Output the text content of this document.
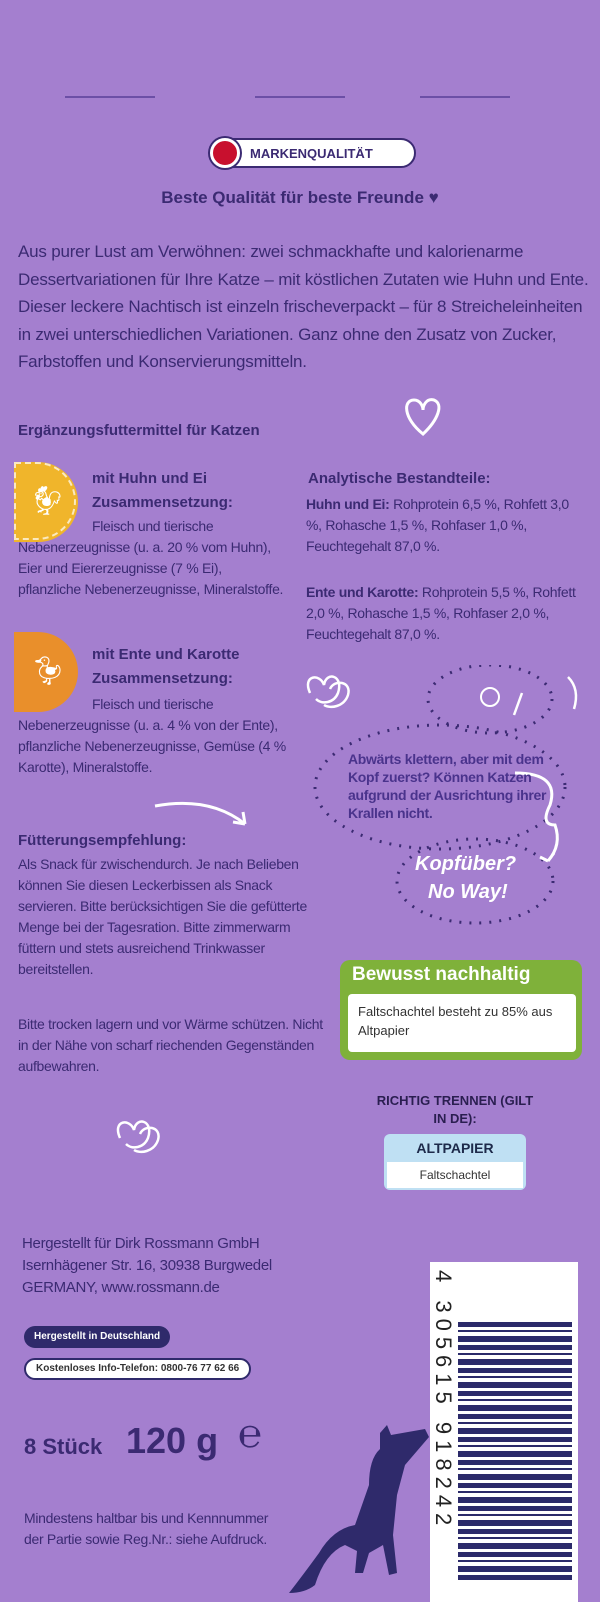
MARKENQUALITÄT
Beste Qualität für beste Freunde ♥
Aus purer Lust am Verwöhnen: zwei schmackhafte und kalorienarme Dessertvariationen für Ihre Katze – mit köstlichen Zutaten wie Huhn und Ente. Dieser leckere Nachtisch ist einzeln frischeverpackt – für 8 Streicheleinheiten in zwei unterschiedlichen Variationen. Ganz ohne den Zusatz von Zucker, Farbstoffen und Konservierungsmitteln.
Ergänzungsfuttermittel für Katzen
🐓︎
mit Huhn und Ei
Zusammensetzung:
Fleisch und tierische Nebenerzeugnisse (u. a. 20 % vom Huhn), Eier und Eiererzeugnisse (7 % Ei), pflanzliche Nebenerzeugnisse, Mineralstoffe.
🦆︎
mit Ente und Karotte
Zusammensetzung:
Fleisch und tierische Nebenerzeugnisse (u. a. 4 % von der Ente), pflanzliche Nebenerzeugnisse, Gemüse (4 % Karotte), Mineralstoffe.
Analytische Bestandteile:
Huhn und Ei: Rohprotein 6,5 %, Rohfett 3,0 %, Rohasche 1,5 %, Rohfaser 1,0 %, Feuchtegehalt 87,0 %.
Ente und Karotte: Rohprotein 5,5 %, Rohfett 2,0 %, Rohasche 1,5 %, Rohfaser 2,0 %, Feuchtegehalt 87,0 %.
Abwärts klettern, aber mit dem Kopf zuerst? Können Katzen aufgrund der Ausrichtung ihrer Krallen nicht.
Kopfüber?
No Way!
Fütterungsempfehlung:
Als Snack für zwischendurch. Je nach Belieben können Sie diesen Leckerbissen als Snack servieren. Bitte berücksichtigen Sie die gefütterte Menge bei der Tagesration. Bitte zimmerwarm füttern und stets ausreichend Trinkwasser bereitstellen.
Bitte trocken lagern und vor Wärme schützen. Nicht in der Nähe von scharf riechenden Gegenständen aufbewahren.
Bewusst nachhaltig
Faltschachtel besteht zu 85% aus Altpapier
RICHTIG TRENNEN (GILT IN DE):
ALTPAPIER
Faltschachtel
Hergestellt für Dirk Rossmann GmbH
Isernhägener Str. 16, 30938 Burgwedel
GERMANY, www.rossmann.de
Hergestellt in Deutschland
Kostenloses Info-Telefon: 0800-76 77 62 66
8 Stück 120 g ℮
Mindestens haltbar bis und Kennnummer der Partie sowie Reg.Nr.: siehe Aufdruck.
4 305615 918242
